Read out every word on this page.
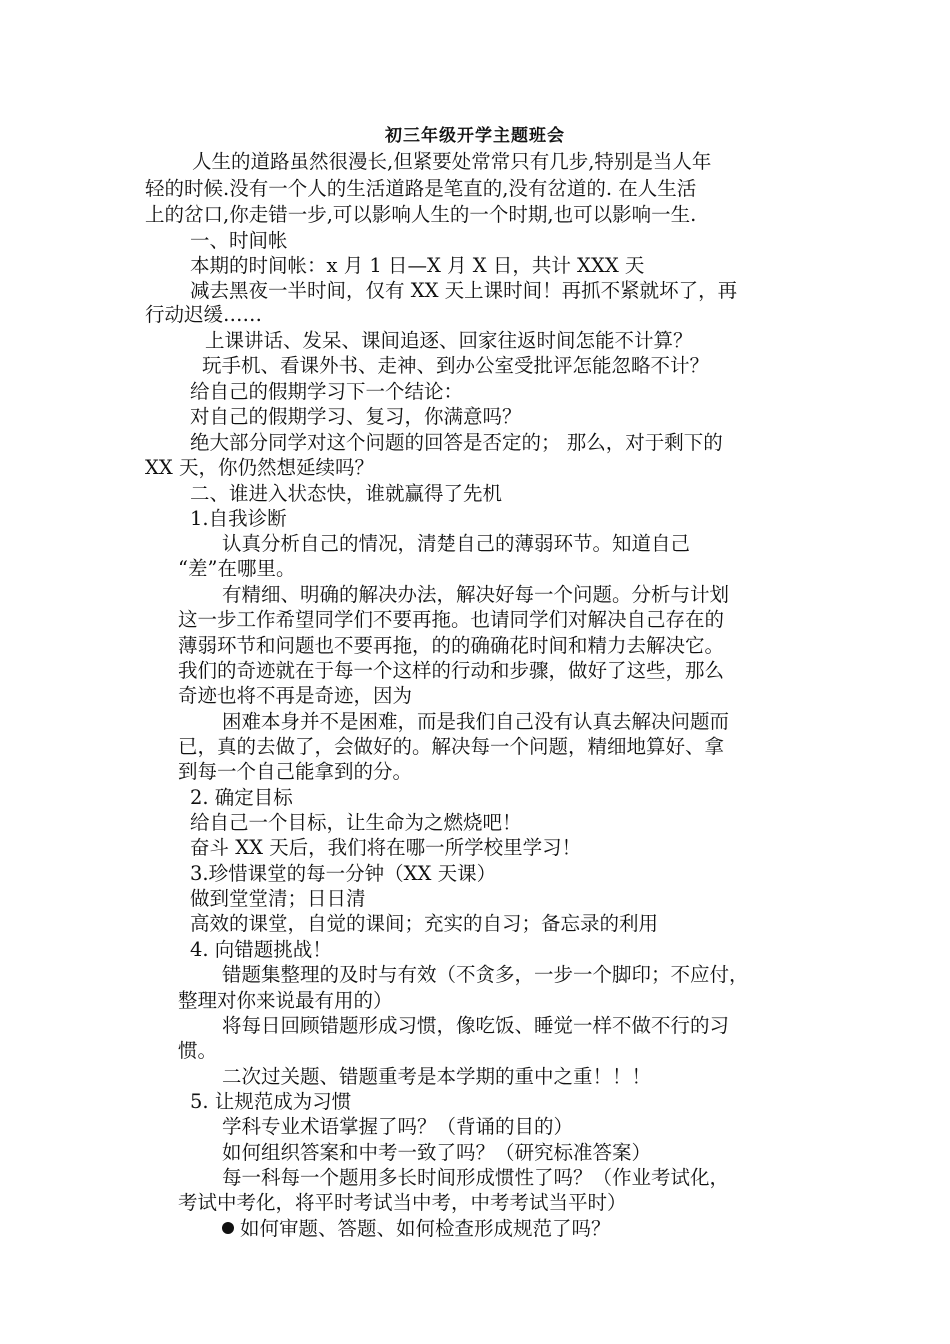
初三年级开学主题班会
人生的道路虽然很漫长,但紧要处常常只有几步,特别是当人年
轻的时候.没有一个人的生活道路是笔直的,没有岔道的. 在人生活
上的岔口,你走错一步,可以影响人生的一个时期,也可以影响一生.
一、时间帐
本期的时间帐：x 月 1 日—X 月 X 日，共计 XXX 天
减去黑夜一半时间，仅有 XX 天上课时间！再抓不紧就坏了，再
行动迟缓……
上课讲话、发呆、课间追逐、回家往返时间怎能不计算？
玩手机、看课外书、走神、到办公室受批评怎能忽略不计？
给自己的假期学习下一个结论：
对自己的假期学习、复习，你满意吗？
绝大部分同学对这个问题的回答是否定的； 那么，对于剩下的
XX 天，你仍然想延续吗？
二、谁进入状态快，谁就赢得了先机
1.自我诊断
认真分析自己的情况，清楚自己的薄弱环节。知道自己
“差”在哪里。
有精细、明确的解决办法，解决好每一个问题。分析与计划
这一步工作希望同学们不要再拖。也请同学们对解决自己存在的
薄弱环节和问题也不要再拖，的的确确花时间和精力去解决它。
我们的奇迹就在于每一个这样的行动和步骤，做好了这些，那么
奇迹也将不再是奇迹，因为
困难本身并不是困难，而是我们自己没有认真去解决问题而
已，真的去做了，会做好的。解决每一个问题，精细地算好、拿
到每一个自己能拿到的分。
2. 确定目标
给自己一个目标，让生命为之燃烧吧！
奋斗 XX 天后，我们将在哪一所学校里学习！
3.珍惜课堂的每一分钟（XX 天课）
做到堂堂清；日日清
高效的课堂，自觉的课间；充实的自习；备忘录的利用
4. 向错题挑战！
错题集整理的及时与有效（不贪多，一步一个脚印；不应付，
整理对你来说最有用的）
将每日回顾错题形成习惯，像吃饭、睡觉一样不做不行的习
惯。
二次过关题、错题重考是本学期的重中之重！！！
5. 让规范成为习惯
学科专业术语掌握了吗？（背诵的目的）
如何组织答案和中考一致了吗？（研究标准答案）
每一科每一个题用多长时间形成惯性了吗？（作业考试化，
考试中考化，将平时考试当中考，中考考试当平时）
如何审题、答题、如何检查形成规范了吗？
